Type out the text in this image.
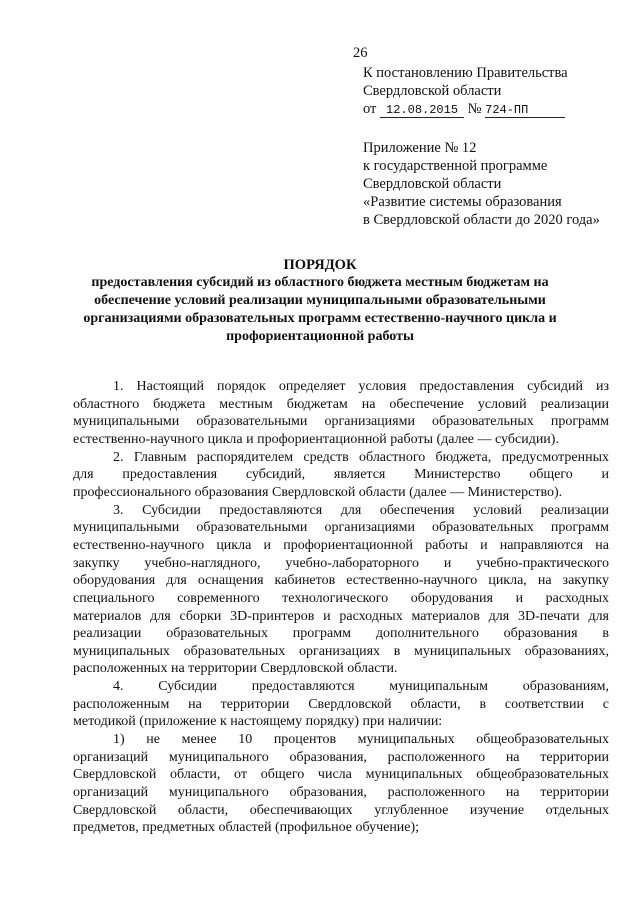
26
К постановлению Правительства
Свердловской области
от 12.08.2015 № 724-ПП
Приложение № 12
к государственной программе
Свердловской области
«Развитие системы образования
в Свердловской области до 2020 года»
ПОРЯДОК
предоставления субсидий из областного бюджета местным бюджетам на
обеспечение условий реализации муниципальными образовательными
организациями образовательных программ естественно-научного цикла и
профориентационной работы
1. Настоящий порядок определяет условия предоставления субсидий из
областного бюджета местным бюджетам на обеспечение условий реализации
муниципальными образовательными организациями образовательных программ
естественно-научного цикла и профориентационной работы (далее — субсидии).
2. Главным распорядителем средств областного бюджета, предусмотренных
для предоставления субсидий, является Министерство общего и
профессионального образования Свердловской области (далее — Министерство).
3. Субсидии предоставляются для обеспечения условий реализации
муниципальными образовательными организациями образовательных программ
естественно-научного цикла и профориентационной работы и направляются на
закупку учебно-наглядного, учебно-лабораторного и учебно-практического
оборудования для оснащения кабинетов естественно-научного цикла, на закупку
специального современного технологического оборудования и расходных
материалов для сборки 3D-принтеров и расходных материалов для 3D-печати для
реализации образовательных программ дополнительного образования в
муниципальных образовательных организациях в муниципальных образованиях,
расположенных на территории Свердловской области.
4. Субсидии предоставляются муниципальным образованиям,
расположенным на территории Свердловской области, в соответствии с
методикой (приложение к настоящему порядку) при наличии:
1) не менее 10 процентов муниципальных общеобразовательных
организаций муниципального образования, расположенного на территории
Свердловской области, от общего числа муниципальных общеобразовательных
организаций муниципального образования, расположенного на территории
Свердловской области, обеспечивающих углубленное изучение отдельных
предметов, предметных областей (профильное обучение);
